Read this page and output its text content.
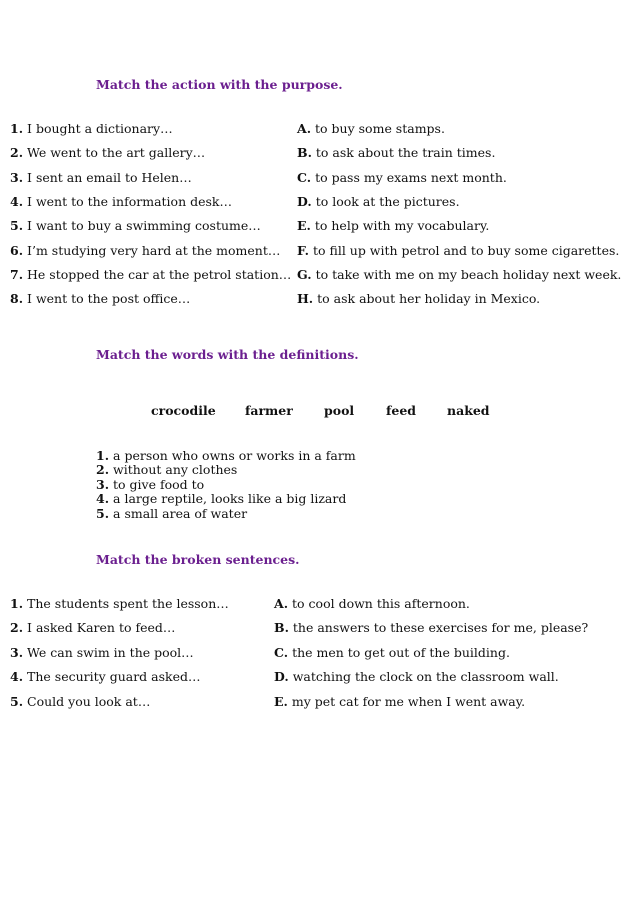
Match the action with the purpose.
1. I bought a dictionary…
2. We went to the art gallery…
3. I sent an email to Helen…
4. I went to the information desk…
5. I want to buy a swimming costume…
6. I’m studying very hard at the moment…
7. He stopped the car at the petrol station…
8. I went to the post office…
A. to buy some stamps.
B. to ask about the train times.
C. to pass my exams next month.
D. to look at the pictures.
E. to help with my vocabulary.
F. to fill up with petrol and to buy some cigarettes.
G. to take with me on my beach holiday next week.
H. to ask about her holiday in Mexico.
Match the words with the definitions.
crocodile farmer pool	feed naked
1. a person who owns or works in a farm
2. without any clothes
3. to give food to
4. a large reptile, looks like a big lizard
5. a small area of water
Match the broken sentences.
1. The students spent the lesson…
2. I asked Karen to feed…
3. We can swim in the pool…
4. The security guard asked…
5. Could you look at…
A. to cool down this afternoon.
B. the answers to these exercises for me, please?
C. the men to get out of the building.
D. watching the clock on the classroom wall.
E. my pet cat for me when I went away.
